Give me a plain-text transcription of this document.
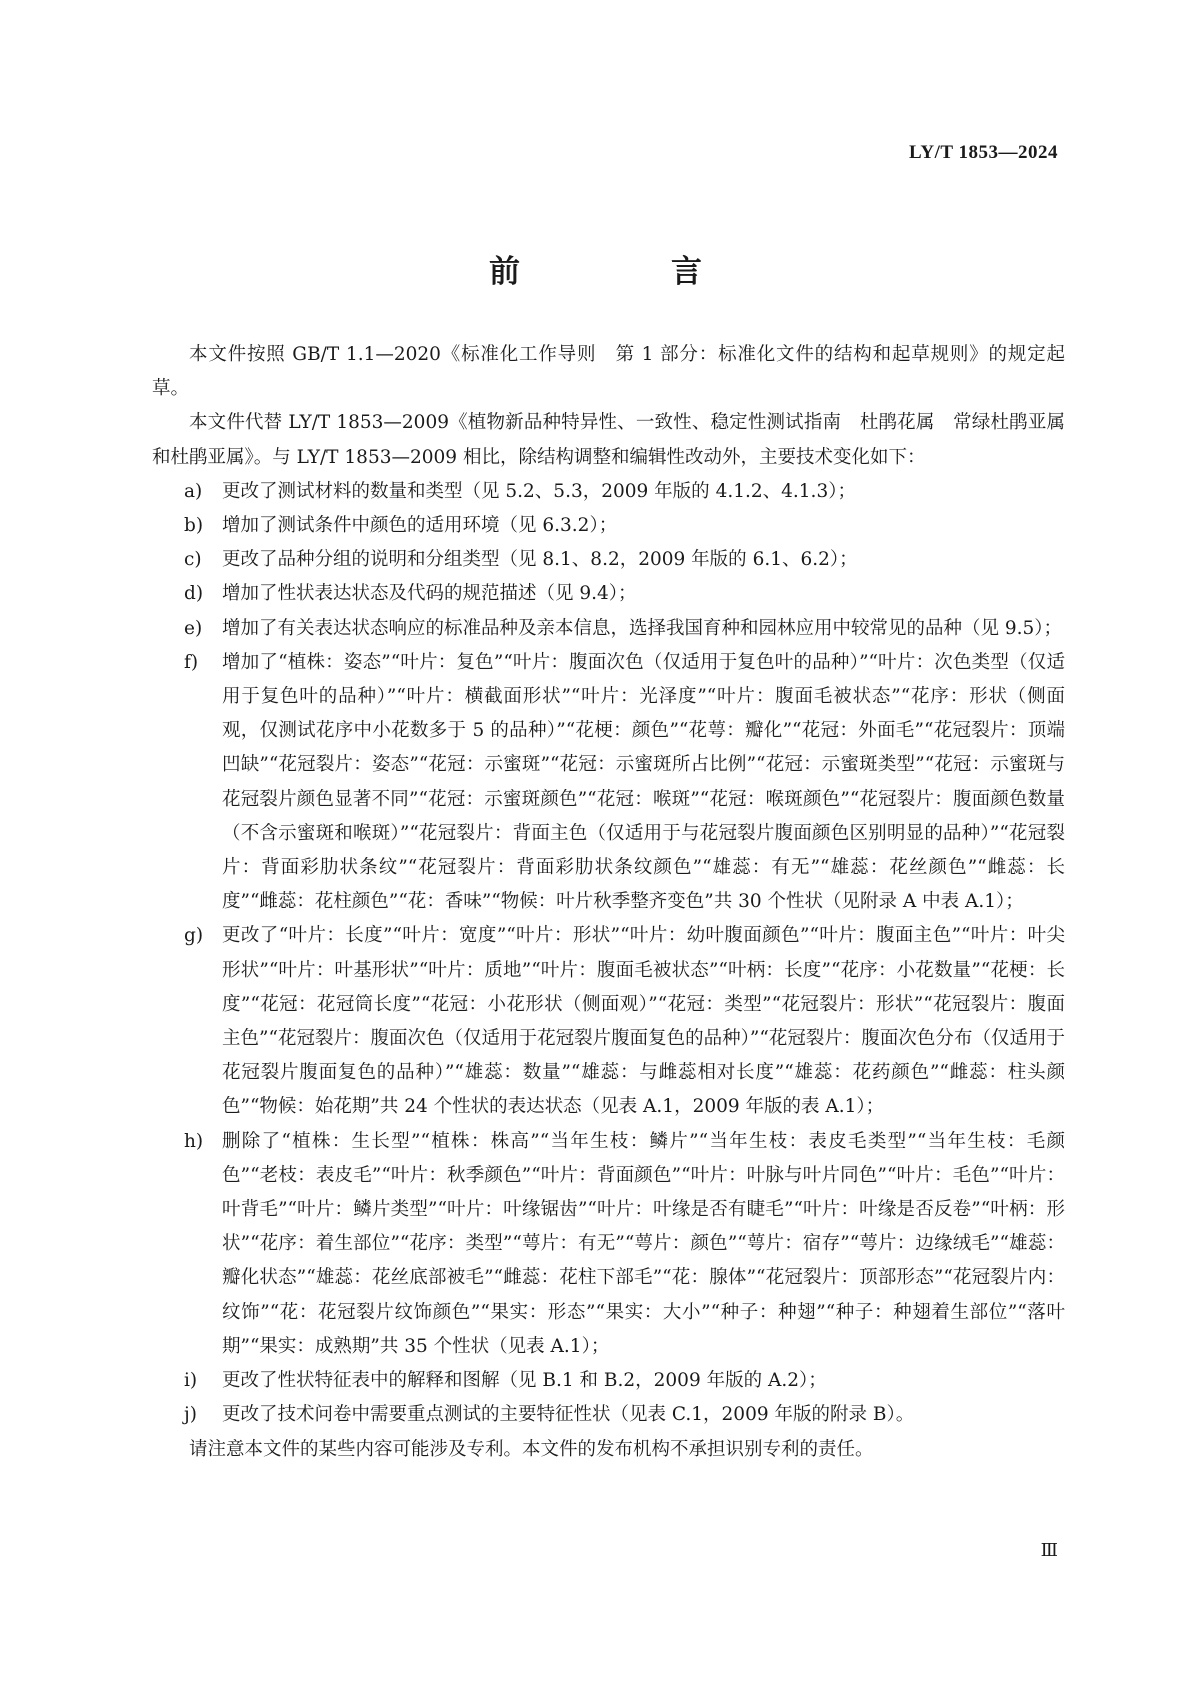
LY/T 1853—2024
前　言

本文件按照 GB/T 1.1—2020《标准化工作导则　第 1 部分：标准化文件的结构和起草规则》的规定起草。

本文件代替 LY/T 1853—2009《植物新品种特异性、一致性、稳定性测试指南　杜鹃花属　常绿杜鹃亚属和杜鹃亚属》。与 LY/T 1853—2009 相比，除结构调整和编辑性改动外，主要技术变化如下：

a) 更改了测试材料的数量和类型（见 5.2、5.3，2009 年版的 4.1.2、4.1.3）；
b) 增加了测试条件中颜色的适用环境（见 6.3.2）；
c) 更改了品种分组的说明和分组类型（见 8.1、8.2，2009 年版的 6.1、6.2）；
d) 增加了性状表达状态及代码的规范描述（见 9.4）；
e) 增加了有关表达状态响应的标准品种及亲本信息，选择我国育种和园林应用中较常见的品种（见 9.5）；
f) 增加了“植株：姿态”“叶片：复色”“叶片：腹面次色（仅适用于复色叶的品种）”“叶片：次色类型（仅适用于复色叶的品种）”“叶片：横截面形状”“叶片：光泽度”“叶片：腹面毛被状态”“花序：形状（侧面观，仅测试花序中小花数多于 5 的品种）”“花梗：颜色”“花萼：瓣化”“花冠：外面毛”“花冠裂片：顶端凹缺”“花冠裂片：姿态”“花冠：示蜜斑”“花冠：示蜜斑所占比例”“花冠：示蜜斑类型”“花冠：示蜜斑与花冠裂片颜色显著不同”“花冠：示蜜斑颜色”“花冠：喉斑”“花冠：喉斑颜色”“花冠裂片：腹面颜色数量（不含示蜜斑和喉斑）”“花冠裂片：背面主色（仅适用于与花冠裂片腹面颜色区别明显的品种）”“花冠裂片：背面彩肋状条纹”“花冠裂片：背面彩肋状条纹颜色”“雄蕊：有无”“雄蕊：花丝颜色”“雌蕊：长度”“雌蕊：花柱颜色”“花：香味”“物候：叶片秋季整齐变色”共 30 个性状（见附录 A 中表 A.1）；
g) 更改了“叶片：长度”“叶片：宽度”“叶片：形状”“叶片：幼叶腹面颜色”“叶片：腹面主色”“叶片：叶尖形状”“叶片：叶基形状”“叶片：质地”“叶片：腹面毛被状态”“叶柄：长度”“花序：小花数量”“花梗：长度”“花冠：花冠筒长度”“花冠：小花形状（侧面观）”“花冠：类型”“花冠裂片：形状”“花冠裂片：腹面主色”“花冠裂片：腹面次色（仅适用于花冠裂片腹面复色的品种）”“花冠裂片：腹面次色分布（仅适用于花冠裂片腹面复色的品种）”“雄蕊：数量”“雄蕊：与雌蕊相对长度”“雄蕊：花药颜色”“雌蕊：柱头颜色”“物候：始花期”共 24 个性状的表达状态（见表 A.1，2009 年版的表 A.1）；
h) 删除了“植株：生长型”“植株：株高”“当年生枝：鳞片”“当年生枝：表皮毛类型”“当年生枝：毛颜色”“老枝：表皮毛”“叶片：秋季颜色”“叶片：背面颜色”“叶片：叶脉与叶片同色”“叶片：毛色”“叶片：叶背毛”“叶片：鳞片类型”“叶片：叶缘锯齿”“叶片：叶缘是否有睫毛”“叶片：叶缘是否反卷”“叶柄：形状”“花序：着生部位”“花序：类型”“萼片：有无”“萼片：颜色”“萼片：宿存”“萼片：边缘绒毛”“雄蕊：瓣化状态”“雄蕊：花丝底部被毛”“雌蕊：花柱下部毛”“花：腺体”“花冠裂片：顶部形态”“花冠裂片内：纹饰”“花：花冠裂片纹饰颜色”“果实：形态”“果实：大小”“种子：种翅”“种子：种翅着生部位”“落叶期”“果实：成熟期”共 35 个性状（见表 A.1）；
i) 更改了性状特征表中的解释和图解（见 B.1 和 B.2，2009 年版的 A.2）；
j) 更改了技术问卷中需要重点测试的主要特征性状（见表 C.1，2009 年版的附录 B）。

请注意本文件的某些内容可能涉及专利。本文件的发布机构不承担识别专利的责任。

Ⅲ
